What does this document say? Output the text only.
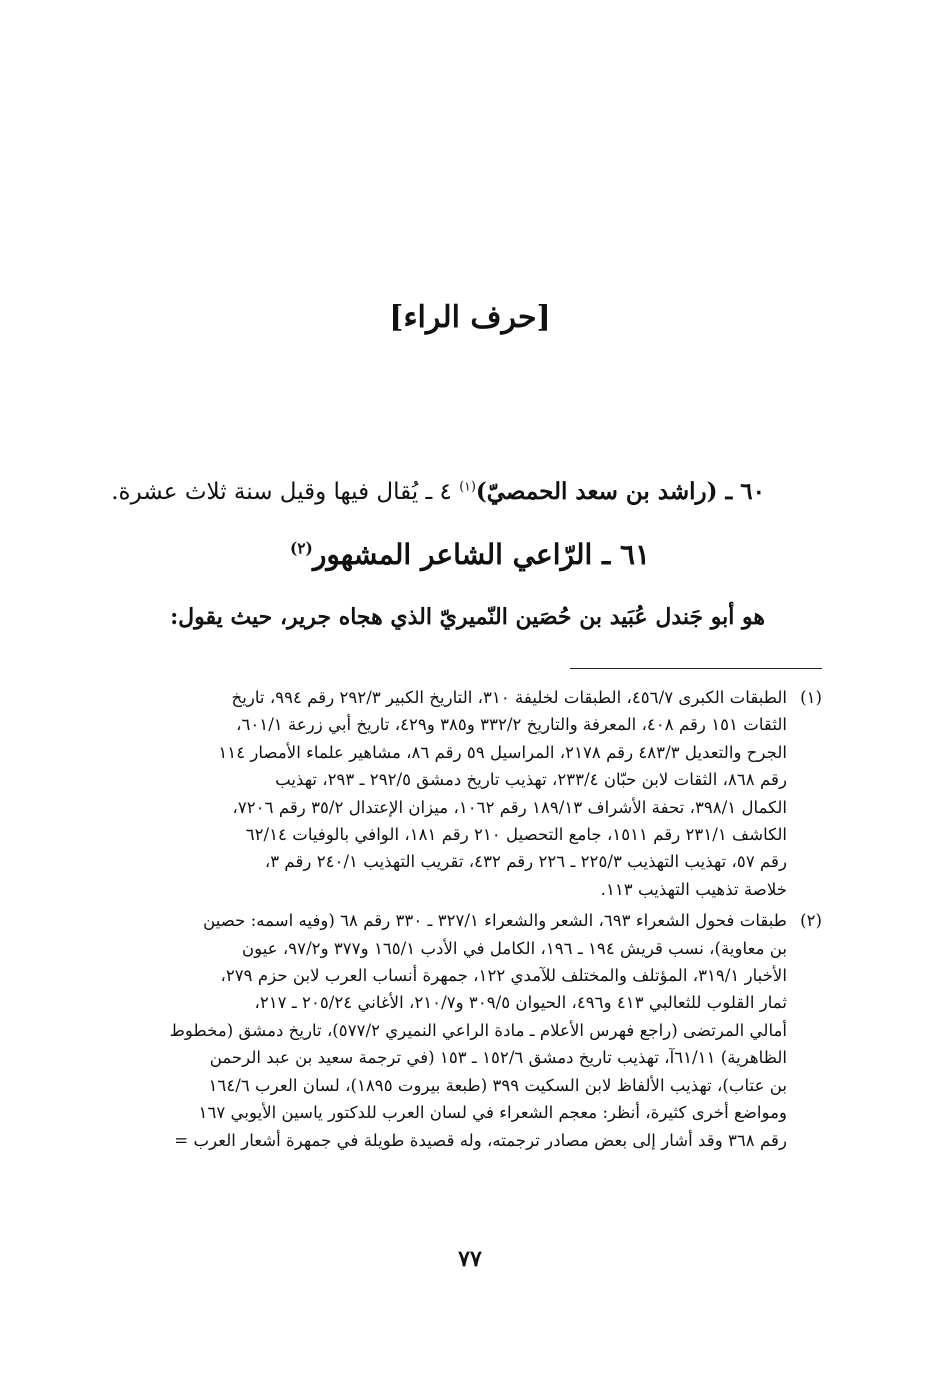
[حرف الراء]
٦٠ ـ (راشد بن سعد الحمصيّ)$^{(١)}$ ٤ ـ يُقال فيها وقيل سنة ثلاث عشرة.
٦١ ـ الرّاعي الشاعر المشهور$^{(٢)}$
هو أبو جَندل عُبَيد بن حُصَين النّميريّ الذي هجاه جرير، حيث يقول:
(١)
الطبقات الكبرى ٤٥٦/٧، الطبقات لخليفة ٣١٠، التاريخ الكبير ٢٩٢/٣ رقم ٩٩٤، تاريخ
الثقات ١٥١ رقم ٤٠٨، المعرفة والتاريخ ٣٣٢/٢ و٣٨٥ و٤٢٩، تاريخ أبي زرعة ٦٠١/١،
الجرح والتعديل ٤٨٣/٣ رقم ٢١٧٨، المراسيل ٥٩ رقم ٨٦، مشاهير علماء الأمصار ١١٤
رقم ٨٦٨، الثقات لابن حبّان ٢٣٣/٤، تهذيب تاريخ دمشق ٢٩٢/٥ ـ ٢٩٣، تهذيب
الكمال ٣٩٨/١، تحفة الأشراف ١٨٩/١٣ رقم ١٠٦٢، ميزان الإعتدال ٣٥/٢ رقم ٧٢٠٦،
الكاشف ٢٣١/١ رقم ١٥١١، جامع التحصيل ٢١٠ رقم ١٨١، الوافي بالوفيات ٦٢/١٤
رقم ٥٧، تهذيب التهذيب ٢٢٥/٣ ـ ٢٢٦ رقم ٤٣٢، تقريب التهذيب ٢٤٠/١ رقم ٣،
خلاصة تذهيب التهذيب ١١٣.
(٢)
طبقات فحول الشعراء ٦٩٣، الشعر والشعراء ٣٢٧/١ ـ ٣٣٠ رقم ٦٨ (وفيه اسمه: حصين
بن معاوية)، نسب قريش ١٩٤ ـ ١٩٦، الكامل في الأدب ١٦٥/١ و٣٧٧ و٩٧/٢، عيون
الأخبار ٣١٩/١، المؤتلف والمختلف للآمدي ١٢٢، جمهرة أنساب العرب لابن حزم ٢٧٩،
ثمار القلوب للثعالبي ٤١٣ و٤٩٦، الحيوان ٣٠٩/٥ و٢١٠/٧، الأغاني ٢٠٥/٢٤ ـ ٢١٧،
أمالي المرتضى (راجع فهرس الأعلام ـ مادة الراعي النميري ٥٧٧/٢)، تاريخ دمشق (مخطوط
الظاهرية) ٦١/١١آ، تهذيب تاريخ دمشق ١٥٢/٦ ـ ١٥٣ (في ترجمة سعيد بن عبد الرحمن
بن عتاب)، تهذيب الألفاظ لابن السكيت ٣٩٩ (طبعة بيروت ١٨٩٥)، لسان العرب ١٦٤/٦
ومواضع أخرى كثيرة، أنظر: معجم الشعراء في لسان العرب للدكتور ياسين الأيوبي ١٦٧
رقم ٣٦٨ وقد أشار إلى بعض مصادر ترجمته، وله قصيدة طويلة في جمهرة أشعار العرب =
٧٧
